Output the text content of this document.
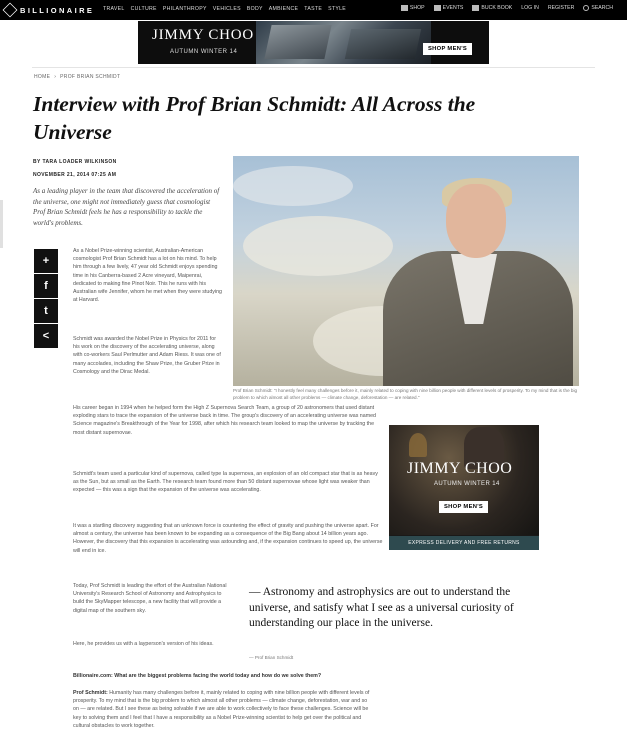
BILLIONAIRE TRAVEL CULTURE PHILANTHROPY VEHICLES BODY AMBIENCE TASTE STYLE	SHOP	EVENTS	BUCK BOOK LOG IN REGISTER	SEARCH
JIMMY CHOO
AUTUMN WINTER 14	SHOP MEN'S
HOME › PROF BRIAN SCHMIDT
Interview with Prof Brian Schmidt: All Across the Universe
BY TARA LOADER WILKINSON
NOVEMBER 21, 2014 07:25 AM

As a leading player in the team that discovered the acceleration of the universe, one might not immediately guess that cosmologist Prof Brian Schmidt feels he has a responsibility to tackle the world's problems.

Prof Brian Schmidt: "I honestly feel many challenges before it, mainly related to coping with nine billion people with different levels of prosperity. To my mind that is the big problem to which almost all other problems — climate change, deforestation — are related."

+
f
t
<

As a Nobel Prize-winning scientist, Australian-American cosmologist Prof Brian Schmidt has a lot on his mind. To help him through a few lively, 47 year old Schmidt enjoys spending time in his Canberra-based 2 Acre vineyard, Maipenrai, dedicated to making fine Pinot Noir. This he runs with his Australian wife Jennifer, whom he met when they were studying at Harvard.

Schmidt was awarded the Nobel Prize in Physics for 2011 for his work on the discovery of the accelerating universe, along with co-workers Saul Perlmutter and Adam Riess. It was one of many accolades, including the Shaw Prize, the Gruber Prize in Cosmology and the Dirac Medal.

His career began in 1994 when he helped form the High Z Supernova Search Team, a group of 20 astronomers that used distant exploding stars to trace the expansion of the universe back in time. The group's discovery of an accelerating universe was named Science magazine's Breakthrough of the Year for 1998, after which his research team looked to map the universe by tracking the most distant supernovae.

Schmidt's team used a particular kind of supernova, called type Ia supernova, an explosion of an old compact star that is as heavy as the Sun, but as small as the Earth. The research team found more than 50 distant supernovae whose light was weaker than expected — this was a sign that the expansion of the universe was accelerating.

It was a startling discovery suggesting that an unknown force is countering the effect of gravity and pushing the universe apart. For almost a century, the universe has been known to be expanding as a consequence of the Big Bang about 14 billion years ago. However, the discovery that this expansion is accelerating was astounding and, if the expansion continues to speed up, the universe will end in ice.

Today, Prof Schmidt is leading the effort of the Australian National University's Research School of Astronomy and Astrophysics to build the SkyMapper telescope, a new facility that will provide a digital map of the southern sky.

Here, he provides us with a layperson's version of his ideas.

Billionaire.com: What are the biggest problems facing the world today and how do we solve them?

Prof Schmidt: Humanity has many challenges before it, mainly related to coping with nine billion people with different levels of prosperity. To my mind that is the big problem to which almost all other problems — climate change, deforestation, war and so on — are related. But I see these as being solvable if we are able to work collectively to face these challenges. Science will be key to solving them and I feel that I have a responsibility as a Nobel Prize-winning scientist to help get over the political and cultural obstacles to work together.

JIMMY CHOO
AUTUMN WINTER 14
SHOP MEN'S
EXPRESS DELIVERY AND FREE RETURNS
— Astronomy and astrophysics are out to understand the universe, and satisfy what I see as a universal curiosity of understanding our place in the universe.
— Prof Brian Schmidt
